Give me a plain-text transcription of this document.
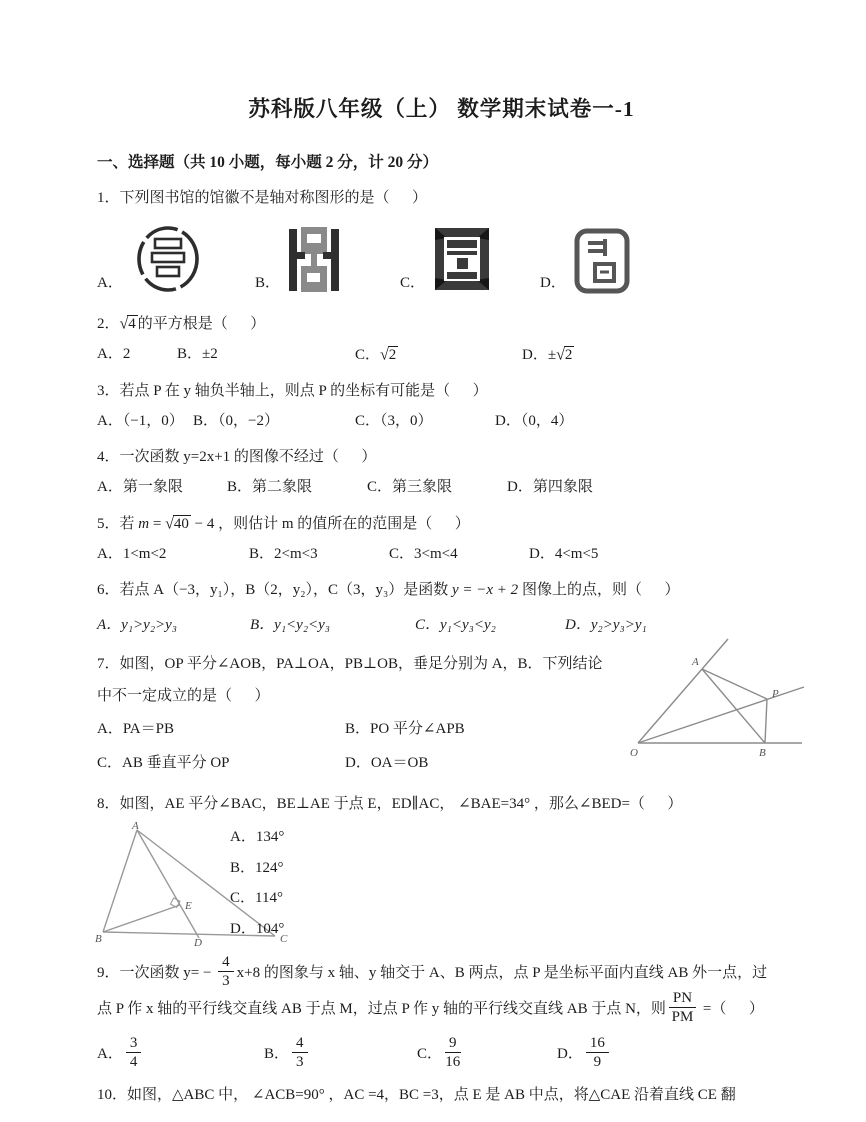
苏科版八年级（上） 数学期末试卷一-1
一、选择题（共 10 小题，每小题 2 分，计 20 分）
1．下列图书馆的馆徽不是轴对称图形的是（      ）
A．	B．	C．	D．
2．√4 的平方根是（      ）
A．2	B．±2	C．√2	D．±√2
3．若点 P 在 y 轴负半轴上，则点 P 的坐标有可能是（      ）
A．（−1，0） B．（0，−2）	C．（3，0）	D．（0，4）
4．一次函数 y=2x+1 的图像不经过（      ）
A．第一象限	B．第二象限	C．第三象限	D．第四象限
5．若 m = √40 − 4 ，则估计 m 的值所在的范围是（      ）
A．1<m<2	B．2<m<3	C．3<m<4	D．4<m<5
6．若点 A（−3，y₁），B（2，y₂），C（3，y₃）是函数 y = −x + 2 图像上的点，则（      ）
A．y₁>y₂>y₃	B．y₁<y₂<y₃	C．y₁<y₃<y₂	D．y₂>y₃>y₁
7．如图，OP 平分∠AOB，PA⊥OA，PB⊥OB，垂足分别为 A，B．下列结论
中不一定成立的是（      ）
A．PA＝PB	B．PO 平分∠APB
C．AB 垂直平分 OP	D．OA＝OB
O
A
P
B
8．如图，AE 平分∠BAC，BE⊥AE 于点 E，ED∥AC， ∠BAE=34° ，那么∠BED=（      ）
A
B	C
D
E
A．134°
B．124°
C．114°
D．104°
9．一次函数 $y= - \frac{4}{3} x+8$ 的图象与 x 轴、y 轴交于 A、B 两点，点 P 是坐标平面内直线 AB 外一点，过
点 P 作 x 轴的平行线交直线 AB 于点 M，过点 P 作 y 轴的平行线交直线 AB 于点 N，则 $\frac{PN}{PM}$ =（      ）
A． $\frac{3}{4}$	B． $\frac{4}{3}$	C． $\frac{9}{16}$	D． $\frac{16}{9}$
10．如图，△ABC 中， ∠ACB=90° ，AC =4，BC =3，点 E 是 AB 中点，将△CAE 沿着直线 CE 翻
